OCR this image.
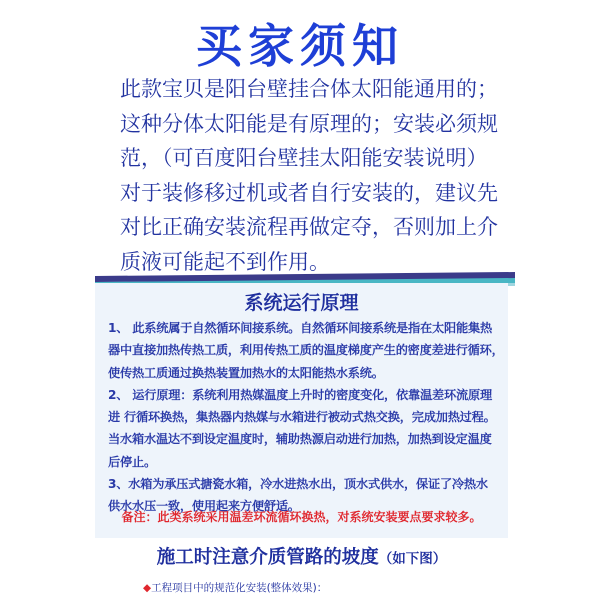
买家须知
此款宝贝是阳台壁挂合体太阳能通用的；
这种分体太阳能是有原理的；安装必须规
范，（可百度阳台壁挂太阳能安装说明）
对于装修移过机或者自行安装的，建议先
对比正确安装流程再做定夺，否则加上介
质液可能起不到作用。
系统运行原理
1、 此系统属于自然循环间接系统。自然循环间接系统是指在太阳能集热
器中直接加热传热工质，利用传热工质的温度梯度产生的密度差进行循环，
使传热工质通过换热装置加热水的太阳能热水系统。
2、 运行原理：系统利用热媒温度上升时的密度变化，依靠温差环流原理
进 行循环换热，集热器内热媒与水箱进行被动式热交换，完成加热过程。
当水箱水温达不到设定温度时，辅助热源启动进行加热，加热到设定温度
后停止。
3、水箱为承压式搪瓷水箱，冷水进热水出，顶水式供水，保证了冷热水
供水水压一致，使用起来方便舒适。
备注：此类系统采用温差环流循环换热，对系统安装要点要求较多。
施工时注意介质管路的坡度（如下图）
◆工程项目中的规范化安装(整体效果)：
